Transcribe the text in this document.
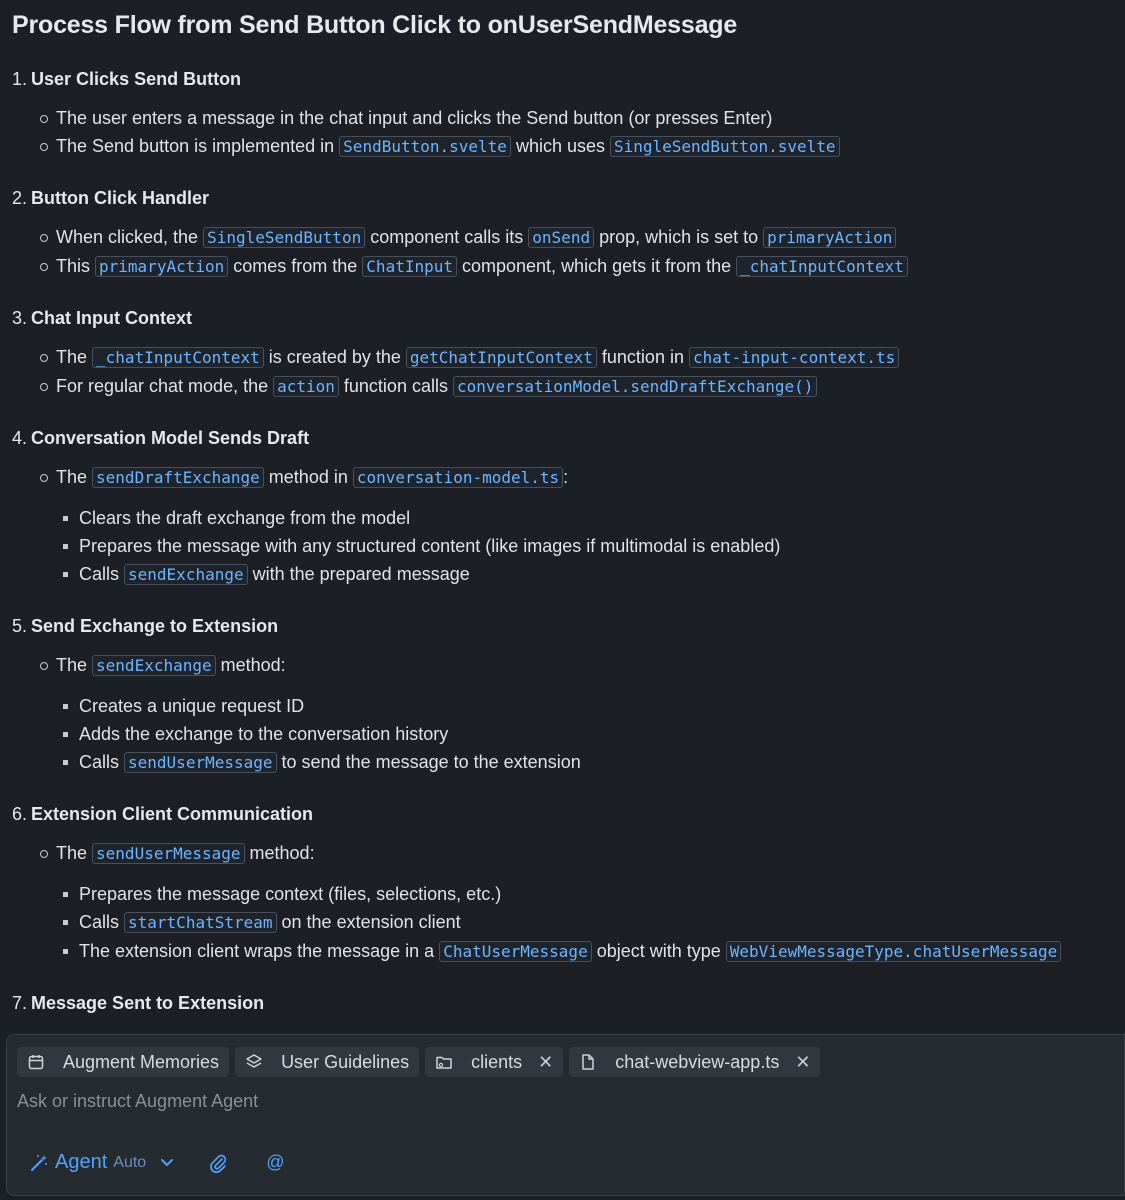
Process Flow from Send Button Click to onUserSendMessage
1. User Clicks Send Button
The user enters a message in the chat input and clicks the Send button (or presses Enter)
The Send button is implemented in SendButton.svelte which uses SingleSendButton.svelte
2. Button Click Handler
When clicked, the SingleSendButton component calls its onSend prop, which is set to primaryAction
This primaryAction comes from the ChatInput component, which gets it from the _chatInputContext
3. Chat Input Context
The _chatInputContext is created by the getChatInputContext function in chat-input-context.ts
For regular chat mode, the action function calls conversationModel.sendDraftExchange()
4. Conversation Model Sends Draft
The sendDraftExchange method in conversation-model.ts :
Clears the draft exchange from the model
Prepares the message with any structured content (like images if multimodal is enabled)
Calls sendExchange with the prepared message
5. Send Exchange to Extension
The sendExchange method:
Creates a unique request ID
Adds the exchange to the conversation history
Calls sendUserMessage to send the message to the extension
6. Extension Client Communication
The sendUserMessage method:
Prepares the message context (files, selections, etc.)
Calls startChatStream on the extension client
The extension client wraps the message in a ChatUserMessage object with type WebViewMessageType.chatUserMessage
7. Message Sent to Extension
Augment Memories	User Guidelines	clients ✕	chat-webview-app.ts ✕
Ask or instruct Augment Agent
Agent Auto	@
